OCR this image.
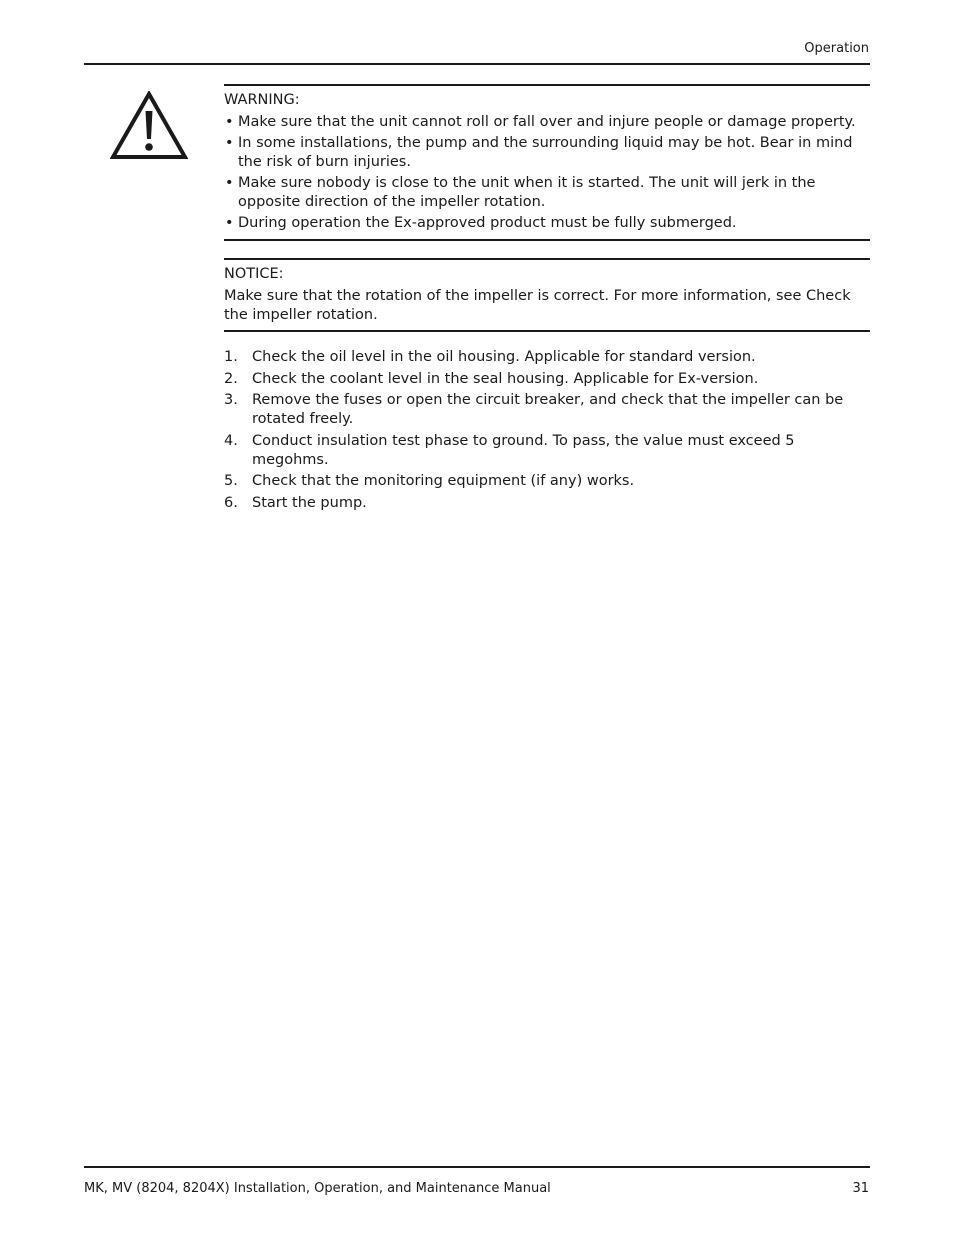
Operation
WARNING:
• Make sure that the unit cannot roll or fall over and injure people or damage property.
• In some installations, the pump and the surrounding liquid may be hot. Bear in mind the risk of burn injuries.
• Make sure nobody is close to the unit when it is started. The unit will jerk in the opposite direction of the impeller rotation.
• During operation the Ex-approved product must be fully submerged.
NOTICE:
Make sure that the rotation of the impeller is correct. For more information, see Check the impeller rotation.
1. Check the oil level in the oil housing. Applicable for standard version.
2. Check the coolant level in the seal housing. Applicable for Ex-version.
3. Remove the fuses or open the circuit breaker, and check that the impeller can be rotated freely.
4. Conduct insulation test phase to ground. To pass, the value must exceed 5 megohms.
5. Check that the monitoring equipment (if any) works.
6. Start the pump.
MK, MV (8204, 8204X) Installation, Operation, and Maintenance Manual	31
